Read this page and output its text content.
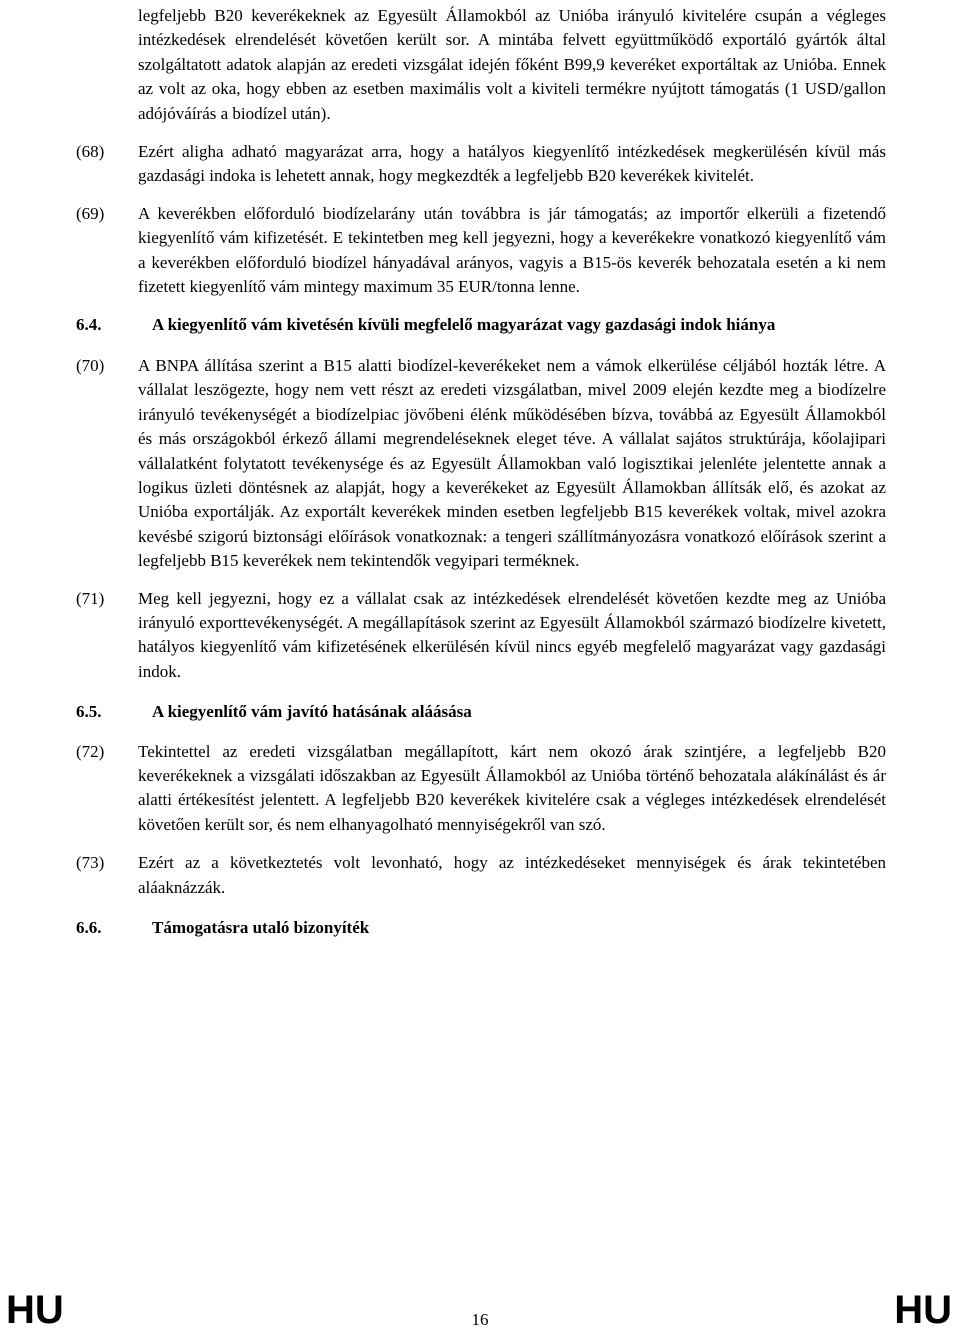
legfeljebb B20 keverékeknek az Egyesült Államokból az Unióba irányuló kivitelére csupán a végleges intézkedések elrendelését követően került sor. A mintába felvett együttműködő exportáló gyártók által szolgáltatott adatok alapján az eredeti vizsgálat idején főként B99,9 keveréket exportáltak az Unióba. Ennek az volt az oka, hogy ebben az esetben maximális volt a kiviteli termékre nyújtott támogatás (1 USD/gallon adójóváírás a biodízel után).
(68)	Ezért aligha adható magyarázat arra, hogy a hatályos kiegyenlítő intézkedések megkerülésén kívül más gazdasági indoka is lehetett annak, hogy megkezdték a legfeljebb B20 keverékek kivitelét.
(69)	A keverékben előforduló biodízelarány után továbbra is jár támogatás; az importőr elkerüli a fizetendő kiegyenlítő vám kifizetését. E tekintetben meg kell jegyezni, hogy a keverékekre vonatkozó kiegyenlítő vám a keverékben előforduló biodízel hányadával arányos, vagyis a B15-ös keverék behozatala esetén a ki nem fizetett kiegyenlítő vám mintegy maximum 35 EUR/tonna lenne.
6.4.	A kiegyenlítő vám kivetésén kívüli megfelelő magyarázat vagy gazdasági indok hiánya
(70)	A BNPA állítása szerint a B15 alatti biodízel-keverékeket nem a vámok elkerülése céljából hozták létre. A vállalat leszögezte, hogy nem vett részt az eredeti vizsgálatban, mivel 2009 elején kezdte meg a biodízelre irányuló tevékenységét a biodízelpiac jövőbeni élénk működésében bízva, továbbá az Egyesült Államokból és más országokból érkező állami megrendeléseknek eleget téve. A vállalat sajátos struktúrája, kőolajipari vállalatként folytatott tevékenysége és az Egyesült Államokban való logisztikai jelenléte jelentette annak a logikus üzleti döntésnek az alapját, hogy a keverékeket az Egyesült Államokban állítsák elő, és azokat az Unióba exportálják. Az exportált keverékek minden esetben legfeljebb B15 keverékek voltak, mivel azokra kevésbé szigorú biztonsági előírások vonatkoznak: a tengeri szállítmányozásra vonatkozó előírások szerint a legfeljebb B15 keverékek nem tekintendők vegyipari terméknek.
(71)	Meg kell jegyezni, hogy ez a vállalat csak az intézkedések elrendelését követően kezdte meg az Unióba irányuló exporttevékenységét. A megállapítások szerint az Egyesült Államokból származó biodízelre kivetett, hatályos kiegyenlítő vám kifizetésének elkerülésén kívül nincs egyéb megfelelő magyarázat vagy gazdasági indok.
6.5.	A kiegyenlítő vám javító hatásának aláásása
(72)	Tekintettel az eredeti vizsgálatban megállapított, kárt nem okozó árak szintjére, a legfeljebb B20 keverékeknek a vizsgálati időszakban az Egyesült Államokból az Unióba történő behozatala alákínálást és ár alatti értékesítést jelentett. A legfeljebb B20 keverékek kivitelére csak a végleges intézkedések elrendelését követően került sor, és nem elhanyagolható mennyiségekről van szó.
(73)	Ezért az a következtetés volt levonható, hogy az intézkedéseket mennyiségek és árak tekintetében aláaknázzák.
6.6.	Támogatásra utaló bizonyíték
HU	16	HU
